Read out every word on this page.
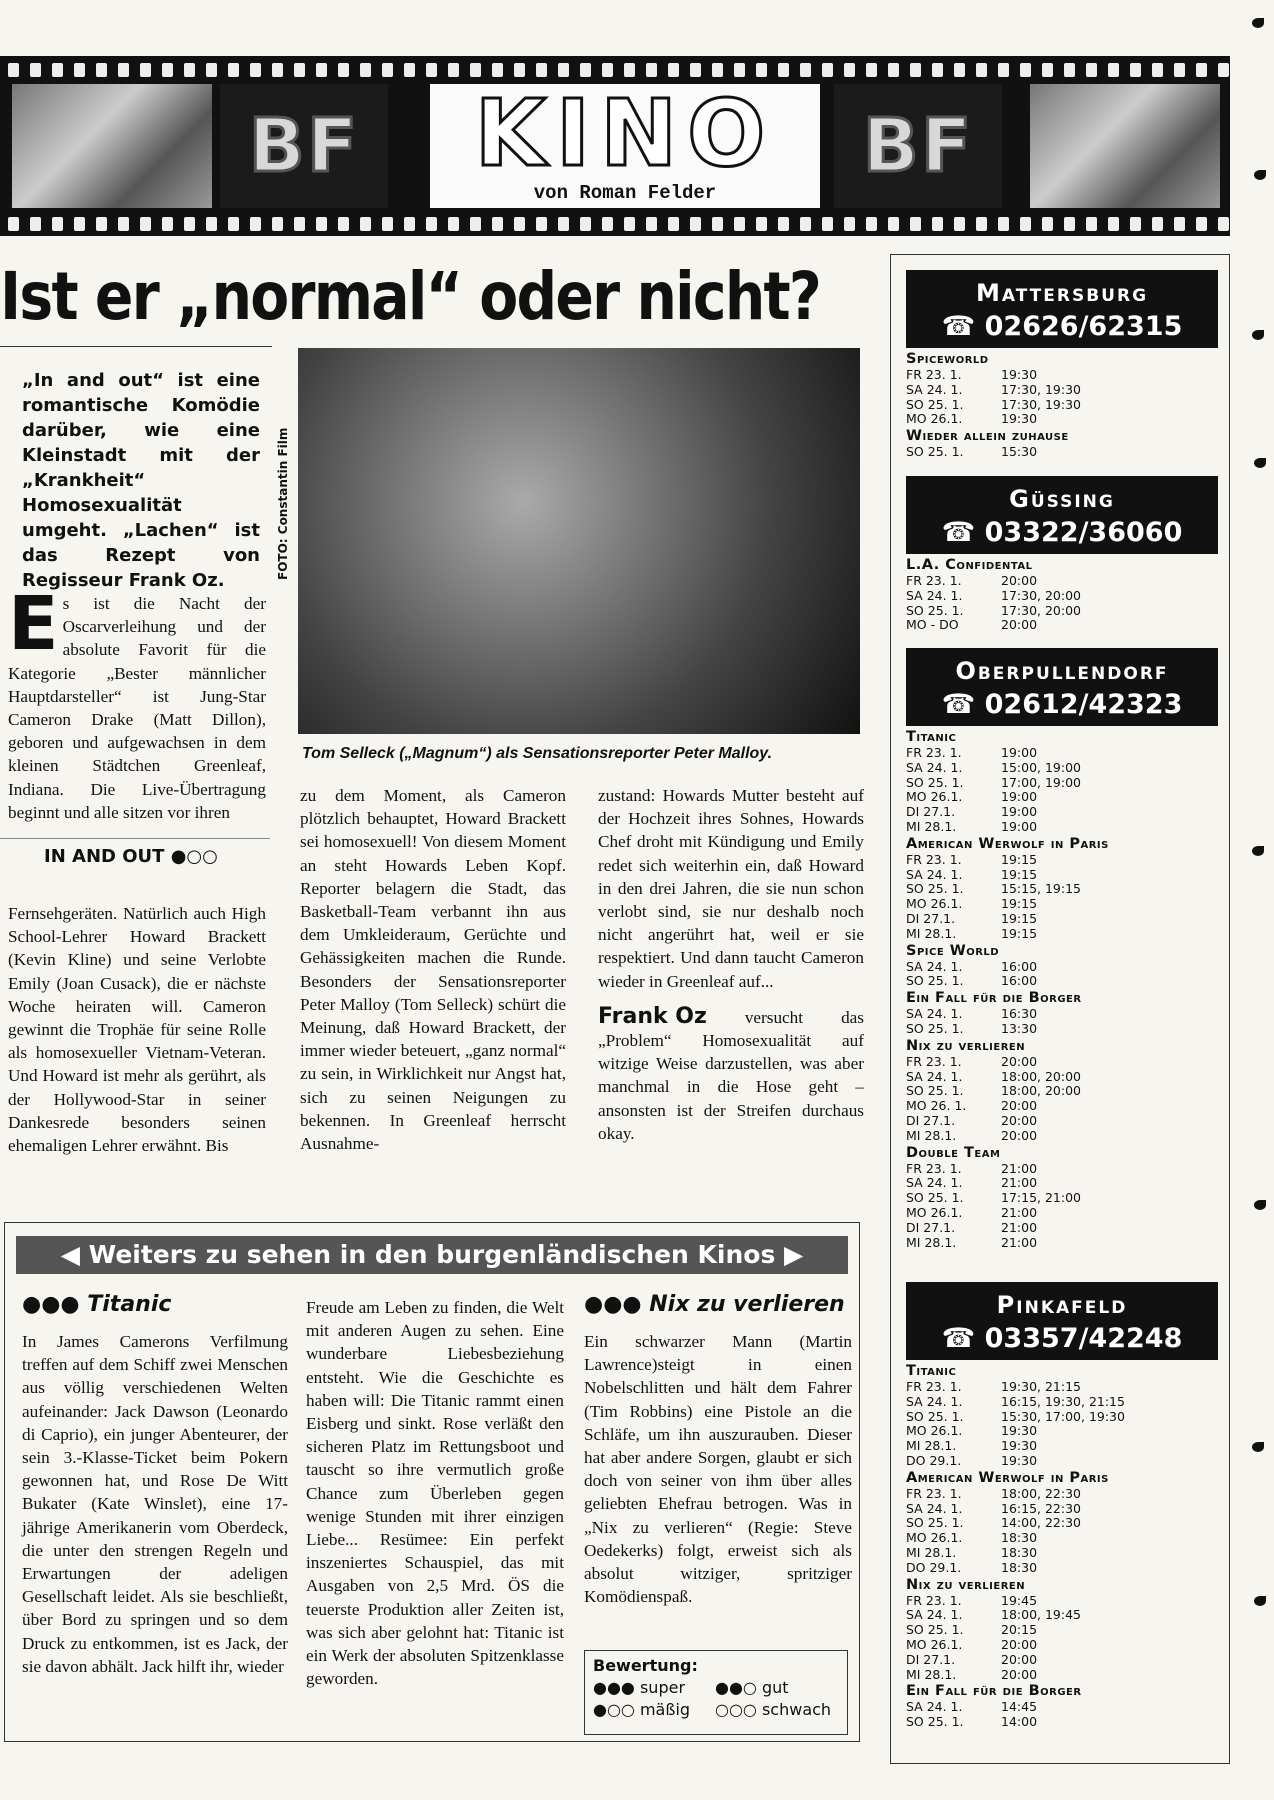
BF	KINO
von Roman Felder
BF
Ist er „normal“ oder nicht?
„In and out“ ist eine romantische Komödie darüber, wie eine Kleinstadt mit der „Krankheit“ Homosexualität umgeht. „Lachen“ ist das Rezept von Regisseur Frank Oz.
FOTO: Constantin Film
Tom Selleck („Magnum“) als Sensationsreporter Peter Malloy.
Es ist die Nacht der Oscarverleihung und der absolute Favorit für die Kategorie „Bester männlicher Hauptdarsteller“ ist Jung-Star Cameron Drake (Matt Dillon), geboren und aufgewachsen in dem kleinen Städtchen Greenleaf, Indiana. Die Live-Übertragung beginnt und alle sitzen vor ihren
IN AND OUT ●○○
Fernsehgeräten. Natürlich auch High School-Lehrer Howard Brackett (Kevin Kline) und seine Verlobte Emily (Joan Cusack), die er nächste Woche heiraten will. Cameron gewinnt die Trophäe für seine Rolle als homosexueller Vietnam-Veteran. Und Howard ist mehr als gerührt, als der Hollywood-Star in seiner Dankesrede besonders seinen ehemaligen Lehrer erwähnt. Bis
zu dem Moment, als Cameron plötzlich behauptet, Howard Brackett sei homosexuell! Von diesem Moment an steht Howards Leben Kopf. Reporter belagern die Stadt, das Basketball-Team verbannt ihn aus dem Umkleideraum, Gerüchte und Gehässigkeiten machen die Runde. Besonders der Sensationsreporter Peter Malloy (Tom Selleck) schürt die Meinung, daß Howard Brackett, der immer wieder beteuert, „ganz normal“ zu sein, in Wirklichkeit nur Angst hat, sich zu seinen Neigungen zu bekennen. In Greenleaf herrscht Ausnahme-
zustand: Howards Mutter besteht auf der Hochzeit ihres Sohnes, Howards Chef droht mit Kündigung und Emily redet sich weiterhin ein, daß Howard in den drei Jahren, die sie nun schon verlobt sind, sie nur deshalb noch nicht angerührt hat, weil er sie respektiert. Und dann taucht Cameron wieder in Greenleaf auf...
Frank Oz versucht das „Problem“ Homosexualität auf witzige Weise darzustellen, was aber manchmal in die Hose geht – ansonsten ist der Streifen durchaus okay.
◀ Weiters zu sehen in den burgenländischen Kinos ▶
●●● Titanic
In James Camerons Verfilmung treffen auf dem Schiff zwei Menschen aus völlig verschiedenen Welten aufeinander: Jack Dawson (Leonardo di Caprio), ein junger Abenteurer, der sein 3.-Klasse-Ticket beim Pokern gewonnen hat, und Rose De Witt Bukater (Kate Winslet), eine 17-jährige Amerikanerin vom Oberdeck, die unter den strengen Regeln und Erwartungen der adeligen Gesellschaft leidet. Als sie beschließt, über Bord zu springen und so dem Druck zu entkommen, ist es Jack, der sie davon abhält. Jack hilft ihr, wieder
Freude am Leben zu finden, die Welt mit anderen Augen zu sehen. Eine wunderbare Liebesbeziehung entsteht. Wie die Geschichte es haben will: Die Titanic rammt einen Eisberg und sinkt. Rose verläßt den sicheren Platz im Rettungsboot und tauscht so ihre vermutlich große Chance zum Überleben gegen wenige Stunden mit ihrer einzigen Liebe... Resümee: Ein perfekt inszeniertes Schauspiel, das mit Ausgaben von 2,5 Mrd. ÖS die teuerste Produktion aller Zeiten ist, was sich aber gelohnt hat: Titanic ist ein Werk der absoluten Spitzenklasse geworden.
●●● Nix zu verlieren
Ein schwarzer Mann (Martin Lawrence)steigt in einen Nobelschlitten und hält dem Fahrer (Tim Robbins) eine Pistole an die Schläfe, um ihn auszurauben. Dieser hat aber andere Sorgen, glaubt er sich doch von seiner von ihm über alles geliebten Ehefrau betrogen. Was in „Nix zu verlieren“ (Regie: Steve Oedekerks) folgt, erweist sich als absolut witziger, spritziger Komödienspaß.
Bewertung:
●●● super	●●○ gut
●○○ mäßig	○○○ schwach
Mattersburg
☎ 02626/62315
Spiceworld
FR 23. 1.	19:30
SA 24. 1.	17:30, 19:30
SO 25. 1.	17:30, 19:30
MO 26.1.	19:30
Wieder allein zuhause
SO 25. 1.	15:30
Güssing
☎ 03322/36060
L.A. Confidental
FR 23. 1.	20:00
SA 24. 1.	17:30, 20:00
SO 25. 1.	17:30, 20:00
MO - DO	20:00
Oberpullendorf
☎ 02612/42323
Titanic
FR 23. 1.	19:00
SA 24. 1.	15:00, 19:00
SO 25. 1.	17:00, 19:00
MO 26.1.	19:00
DI 27.1.	19:00
MI 28.1.	19:00
American Werwolf in Paris
FR 23. 1.	19:15
SA 24. 1.	19:15
SO 25. 1.	15:15, 19:15
MO 26.1.	19:15
DI 27.1.	19:15
MI 28.1.	19:15
Spice World
SA 24. 1.	16:00
SO 25. 1.	16:00
Ein Fall für die Borger
SA 24. 1.	16:30
SO 25. 1.	13:30
Nix zu verlieren
FR 23. 1.	20:00
SA 24. 1.	18:00, 20:00
SO 25. 1.	18:00, 20:00
MO 26. 1.	20:00
DI 27.1.	20:00
MI 28.1.	20:00
Double Team
FR 23. 1.	21:00
SA 24. 1.	21:00
SO 25. 1.	17:15, 21:00
MO 26.1.	21:00
DI 27.1.	21:00
MI 28.1.	21:00
Pinkafeld
☎ 03357/42248
Titanic
FR 23. 1.	19:30, 21:15
SA 24. 1.	16:15, 19:30, 21:15
SO 25. 1.	15:30, 17:00, 19:30
MO 26.1.	19:30
MI 28.1.	19:30
DO 29.1.	19:30
American Werwolf in Paris
FR 23. 1.	18:00, 22:30
SA 24. 1.	16:15, 22:30
SO 25. 1.	14:00, 22:30
MO 26.1.	18:30
MI 28.1.	18:30
DO 29.1.	18:30
Nix zu verlieren
FR 23. 1.	19:45
SA 24. 1.	18:00, 19:45
SO 25. 1.	20:15
MO 26.1.	20:00
DI 27.1.	20:00
MI 28.1.	20:00
Ein Fall für die Borger
SA 24. 1.	14:45
SO 25. 1.	14:00
